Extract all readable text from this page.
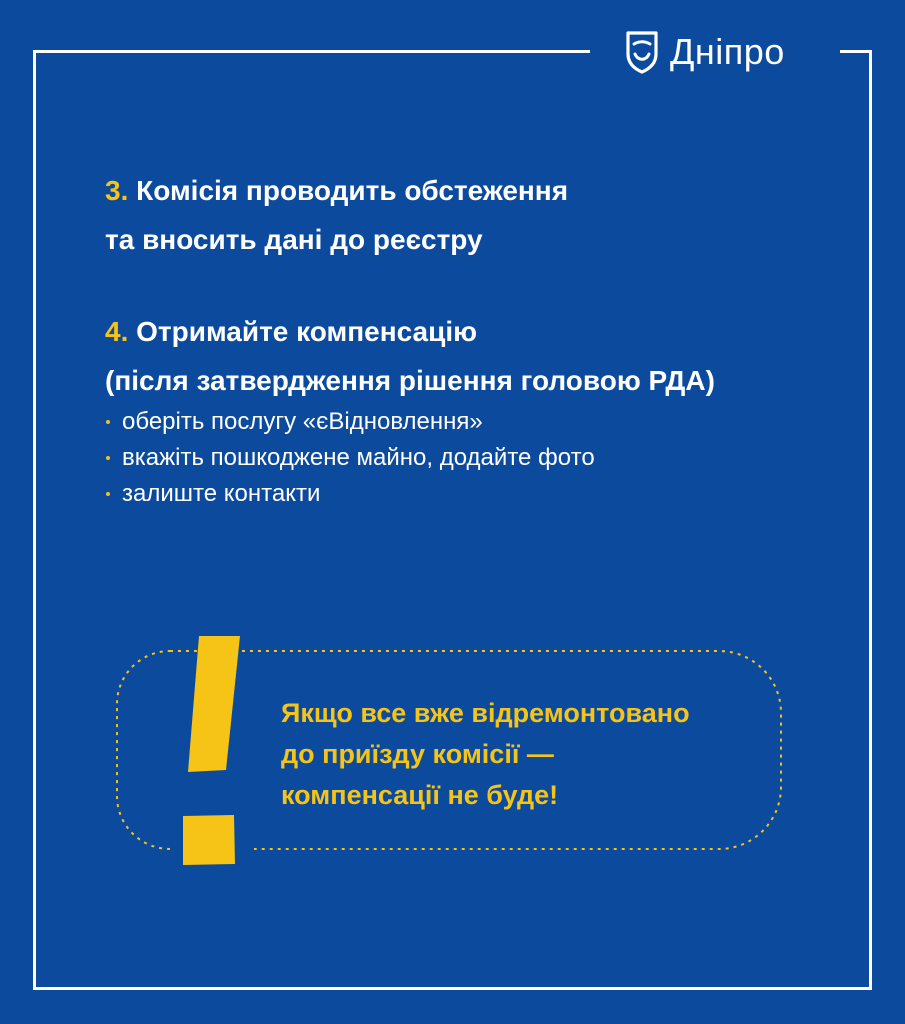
Дніпро
3. Комісія проводить обстеження
та вносить дані до реєстру
4. Отримайте компенсацію
(після затвердження рішення головою РДА)
оберіть послугу «єВідновлення»
вкажіть пошкоджене майно, додайте фото
залиште контакти
Якщо все вже відремонтовано
до приїзду комісії —
компенсації не буде!
